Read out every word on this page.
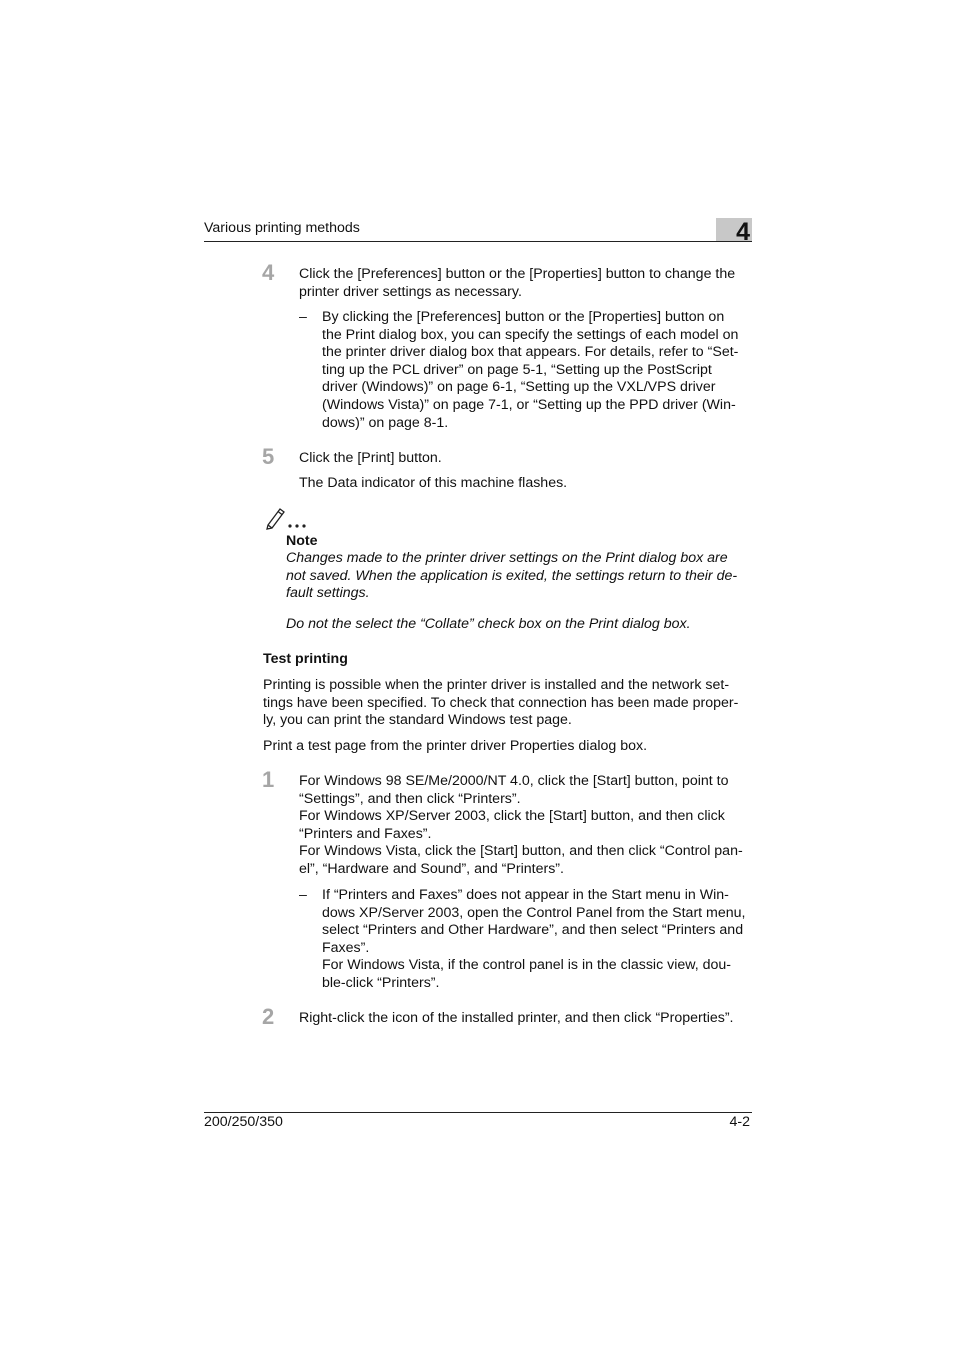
Various printing methods	4
4 Click the [Preferences] button or the [Properties] button to change the
printer driver settings as necessary.
– By clicking the [Preferences] button or the [Properties] button on
the Print dialog box, you can specify the settings of each model on
the printer driver dialog box that appears. For details, refer to “Set-
ting up the PCL driver” on page 5-1, “Setting up the PostScript
driver (Windows)” on page 6-1, “Setting up the VXL/VPS driver
(Windows Vista)” on page 7-1, or “Setting up the PPD driver (Win-
dows)” on page 8-1.
5 Click the [Print] button.
The Data indicator of this machine flashes.
Note
Changes made to the printer driver settings on the Print dialog box are
not saved. When the application is exited, the settings return to their de-
fault settings.
Do not the select the “Collate” check box on the Print dialog box.
Test printing
Printing is possible when the printer driver is installed and the network set-
tings have been specified. To check that connection has been made proper-
ly, you can print the standard Windows test page.
Print a test page from the printer driver Properties dialog box.
1 For Windows 98 SE/Me/2000/NT 4.0, click the [Start] button, point to
“Settings”, and then click “Printers”.
For Windows XP/Server 2003, click the [Start] button, and then click
“Printers and Faxes”.
For Windows Vista, click the [Start] button, and then click “Control pan-
el”, “Hardware and Sound”, and “Printers”.
– If “Printers and Faxes” does not appear in the Start menu in Win-
dows XP/Server 2003, open the Control Panel from the Start menu,
select “Printers and Other Hardware”, and then select “Printers and
Faxes”.
For Windows Vista, if the control panel is in the classic view, dou-
ble-click “Printers”.
2 Right-click the icon of the installed printer, and then click “Properties”.
200/250/350	4-2
